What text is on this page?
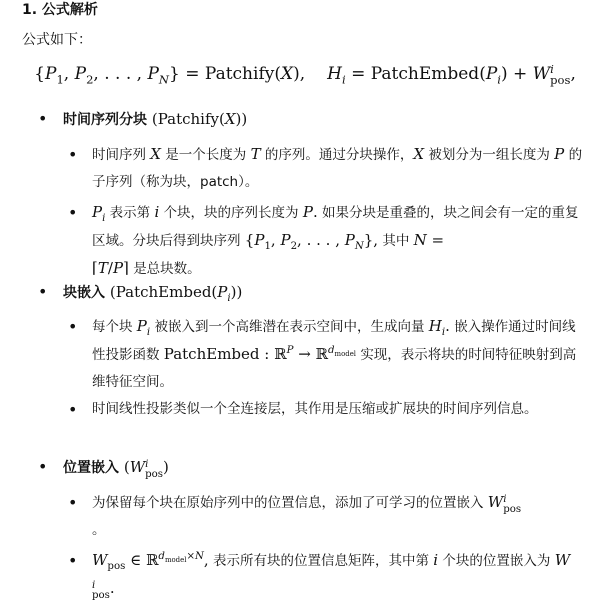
1. 公式解析
公式如下：
{$P_1$, $P_2$, . . . , $P_N$} = Patchify(X), $H_i$ = $PatchEmbed(P_i) + W$ i
pos ,
• 时间序列分块 (Patchify(X))
• 时间序列 X 是一个长度为 T 的序列。通过分块操作，X 被划分为一组长度为 P 的子序列（称为块，patch）。
• $P_i$ 表示第 i 个块，块的序列长度为 P. 如果分块是重叠的，块之间会有一定的重复区域。分块后得到块序列 {$P_1$, $P_2$, . . . , $P_N$}, 其中 N =
⌈T/P⌉ 是总块数。
• 块嵌入 $(PatchEmbed(P_i))$
• 每个块 $P_i$ 被嵌入到一个高维潜在表示空间中，生成向量 $H_i$. 嵌入操作通过时间线性投影函数 PatchEmbed : ℝ$^P$ → ℝ$^{d_{model}}$ 实现，表示将块的时间特征映射到高维特征空间。
• 时间线性投影类似一个全连接层，其作用是压缩或扩展块的时间序列信息。
• 位置嵌入 (W i
pos )
• 为保留每个块在原始序列中的位置信息，添加了可学习的位置嵌入 W i
pos

。
• $W_{pos}$ ∈ ℝ$^{d_{model}\times N}$, 表示所有块的位置信息矩阵，其中第 i 个块的位置嵌入为 W
i
pos .
